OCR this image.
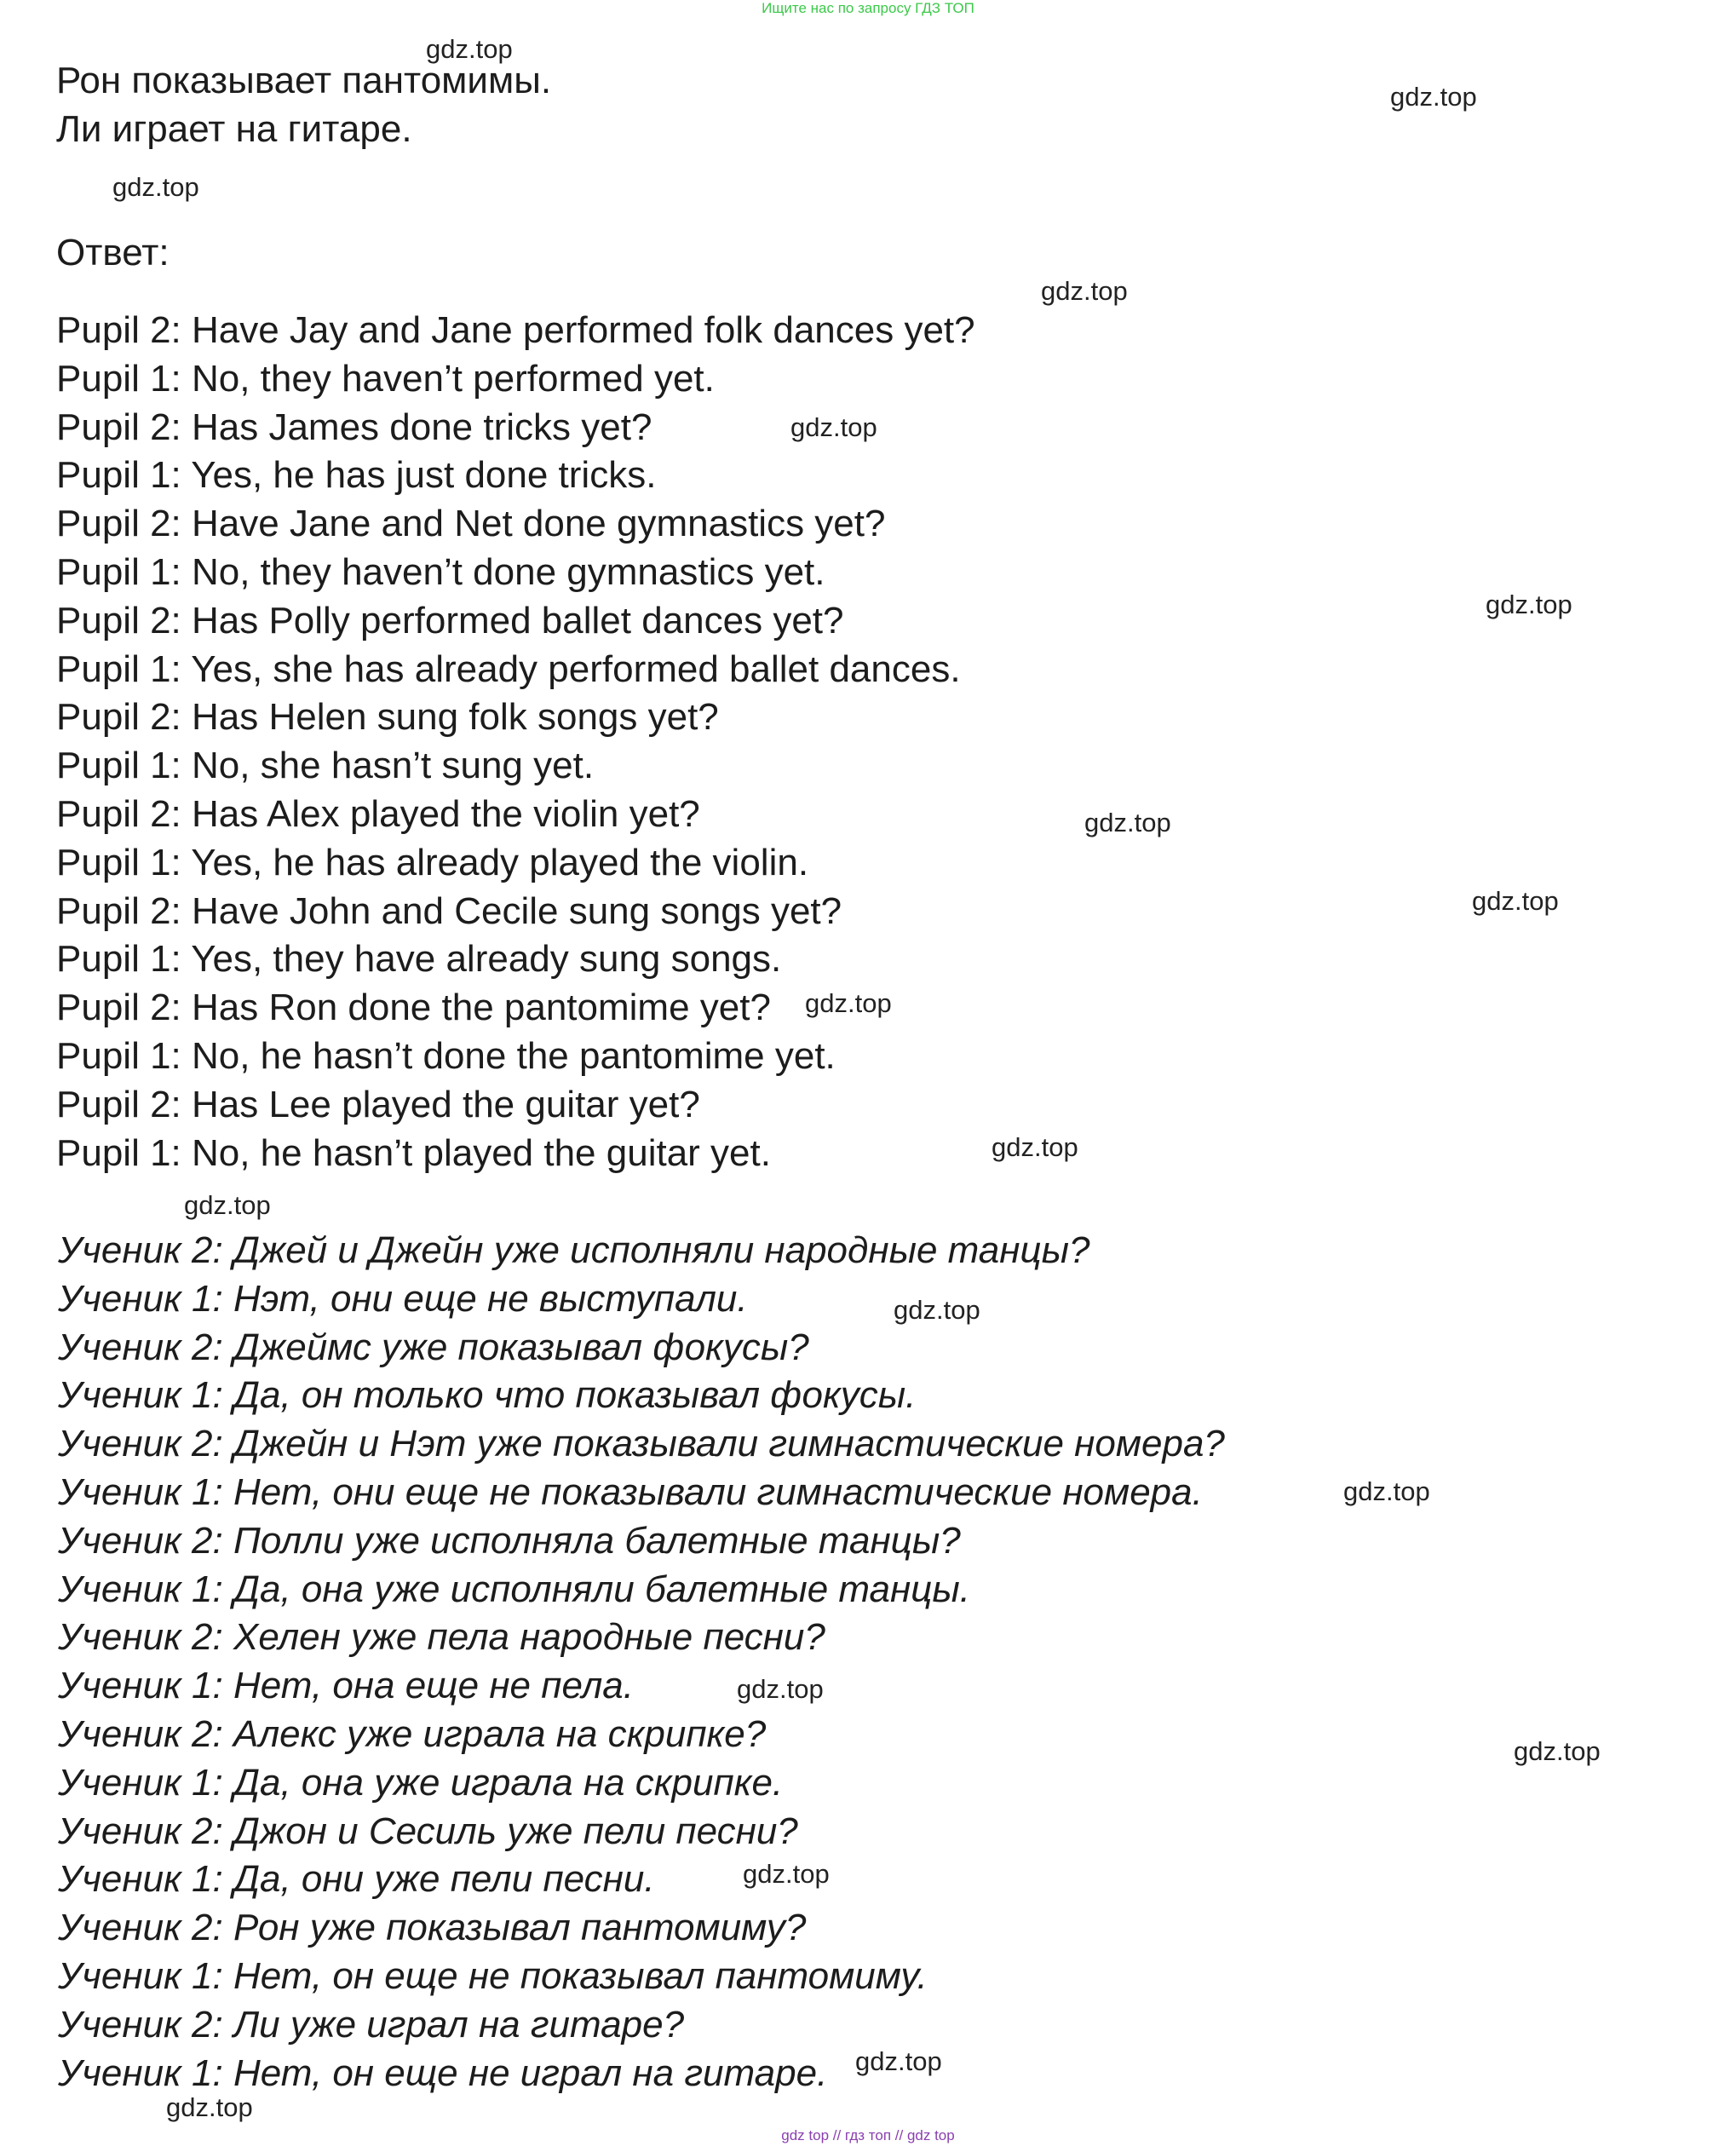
Ищите нас по запросу ГДЗ ТОП
Рон показывает пантомимы.
Ли играет на гитаре.
Ответ:
Pupil 2: Have Jay and Jane performed folk dances yet?
Pupil 1: No, they haven’t performed yet.
Pupil 2: Has James done tricks yet?
Pupil 1: Yes, he has just done tricks.
Pupil 2: Have Jane and Net done gymnastics yet?
Pupil 1: No, they haven’t done gymnastics yet.
Pupil 2: Has Polly performed ballet dances yet?
Pupil 1: Yes, she has already performed ballet dances.
Pupil 2: Has Helen sung folk songs yet?
Pupil 1: No, she hasn’t sung yet.
Pupil 2: Has Alex played the violin yet?
Pupil 1: Yes, he has already played the violin.
Pupil 2: Have John and Cecile sung songs yet?
Pupil 1: Yes, they have already sung songs.
Pupil 2: Has Ron done the pantomime yet?
Pupil 1: No, he hasn’t done the pantomime yet.
Pupil 2: Has Lee played the guitar yet?
Pupil 1: No, he hasn’t played the guitar yet.
Ученик 2: Джей и Джейн уже исполняли народные танцы?
Ученик 1: Нэт, они еще не выступали.
Ученик 2: Джеймс уже показывал фокусы?
Ученик 1: Да, он только что показывал фокусы.
Ученик 2: Джейн и Нэт уже показывали гимнастические номера?
Ученик 1: Нет, они еще не показывали гимнастические номера.
Ученик 2: Полли уже исполняла балетные танцы?
Ученик 1: Да, она уже исполняли балетные танцы.
Ученик 2: Хелен уже пела народные песни?
Ученик 1: Нет, она еще не пела.
Ученик 2: Алекс уже играла на скрипке?
Ученик 1: Да, она уже играла на скрипке.
Ученик 2: Джон и Сесиль уже пели песни?
Ученик 1: Да, они уже пели песни.
Ученик 2: Рон уже показывал пантомиму?
Ученик 1: Нет, он еще не показывал пантомиму.
Ученик 2: Ли уже играл на гитаре?
Ученик 1: Нет, он еще не играл на гитаре.
gdz.top
gdz.top
gdz.top
gdz.top
gdz.top
gdz.top
gdz.top
gdz.top
gdz.top
gdz.top
gdz.top
gdz.top
gdz.top
gdz.top
gdz.top
gdz.top
gdz.top
gdz.top
gdz top // гдз топ // gdz top
